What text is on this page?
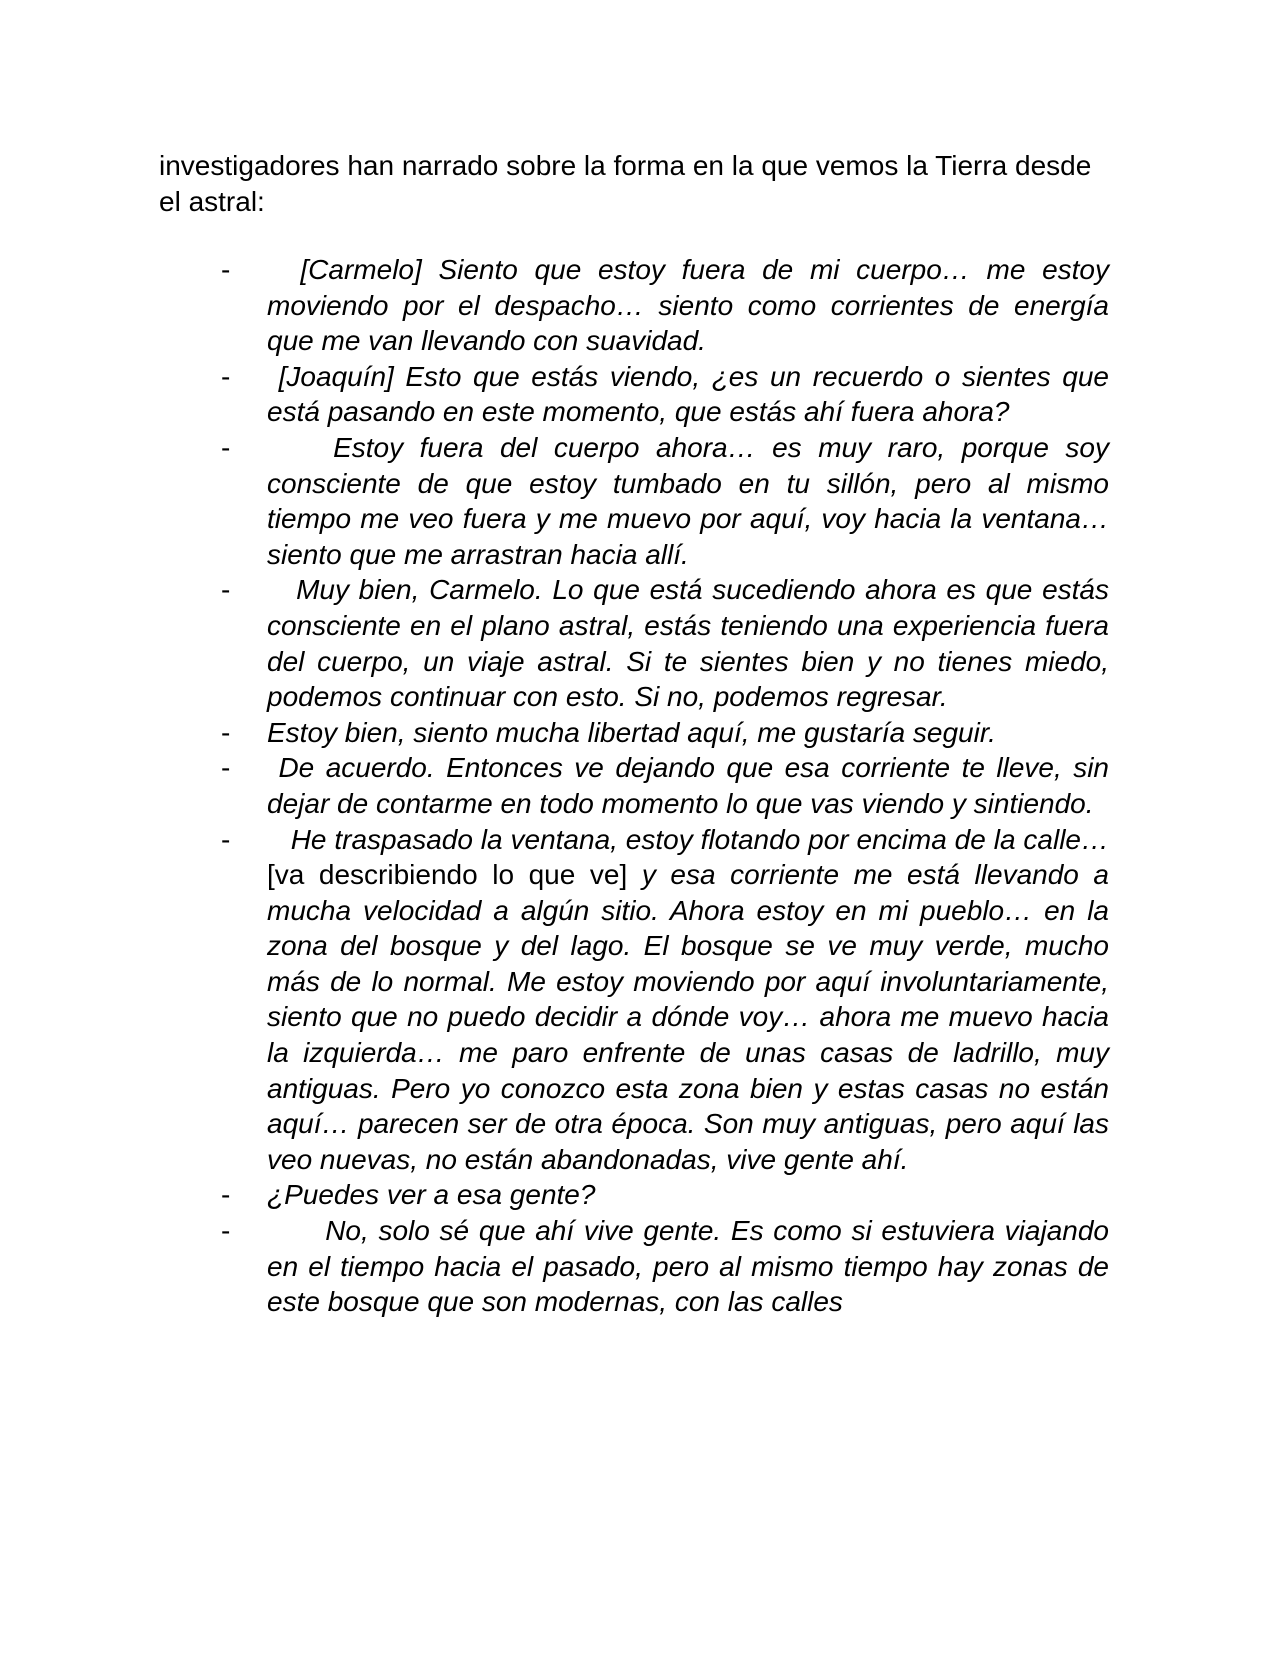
investigadores han narrado sobre la forma en la que vemos la Tierra desde el astral:

- [Carmelo] Siento que estoy fuera de mi cuerpo… me estoy moviendo por el despacho… siento como corrientes de energía que me van llevando con suavidad.
- [Joaquín] Esto que estás viendo, ¿es un recuerdo o sientes que está pasando en este momento, que estás ahí fuera ahora?
- Estoy fuera del cuerpo ahora… es muy raro, porque soy consciente de que estoy tumbado en tu sillón, pero al mismo tiempo me veo fuera y me muevo por aquí, voy hacia la ventana… siento que me arrastran hacia allí.
- Muy bien, Carmelo. Lo que está sucediendo ahora es que estás consciente en el plano astral, estás teniendo una experiencia fuera del cuerpo, un viaje astral. Si te sientes bien y no tienes miedo, podemos continuar con esto. Si no, podemos regresar.
- Estoy bien, siento mucha libertad aquí, me gustaría seguir.
- De acuerdo. Entonces ve dejando que esa corriente te lleve, sin dejar de contarme en todo momento lo que vas viendo y sintiendo.
- He traspasado la ventana, estoy flotando por encima de la calle… [va describiendo lo que ve] y esa corriente me está llevando a mucha velocidad a algún sitio. Ahora estoy en mi pueblo… en la zona del bosque y del lago. El bosque se ve muy verde, mucho más de lo normal. Me estoy moviendo por aquí involuntariamente, siento que no puedo decidir a dónde voy… ahora me muevo hacia la izquierda… me paro enfrente de unas casas de ladrillo, muy antiguas. Pero yo conozco esta zona bien y estas casas no están aquí… parecen ser de otra época. Son muy antiguas, pero aquí las veo nuevas, no están abandonadas, vive gente ahí.
- ¿Puedes ver a esa gente?
- No, solo sé que ahí vive gente. Es como si estuviera viajando en el tiempo hacia el pasado, pero al mismo tiempo hay zonas de este bosque que son modernas, con las calles
